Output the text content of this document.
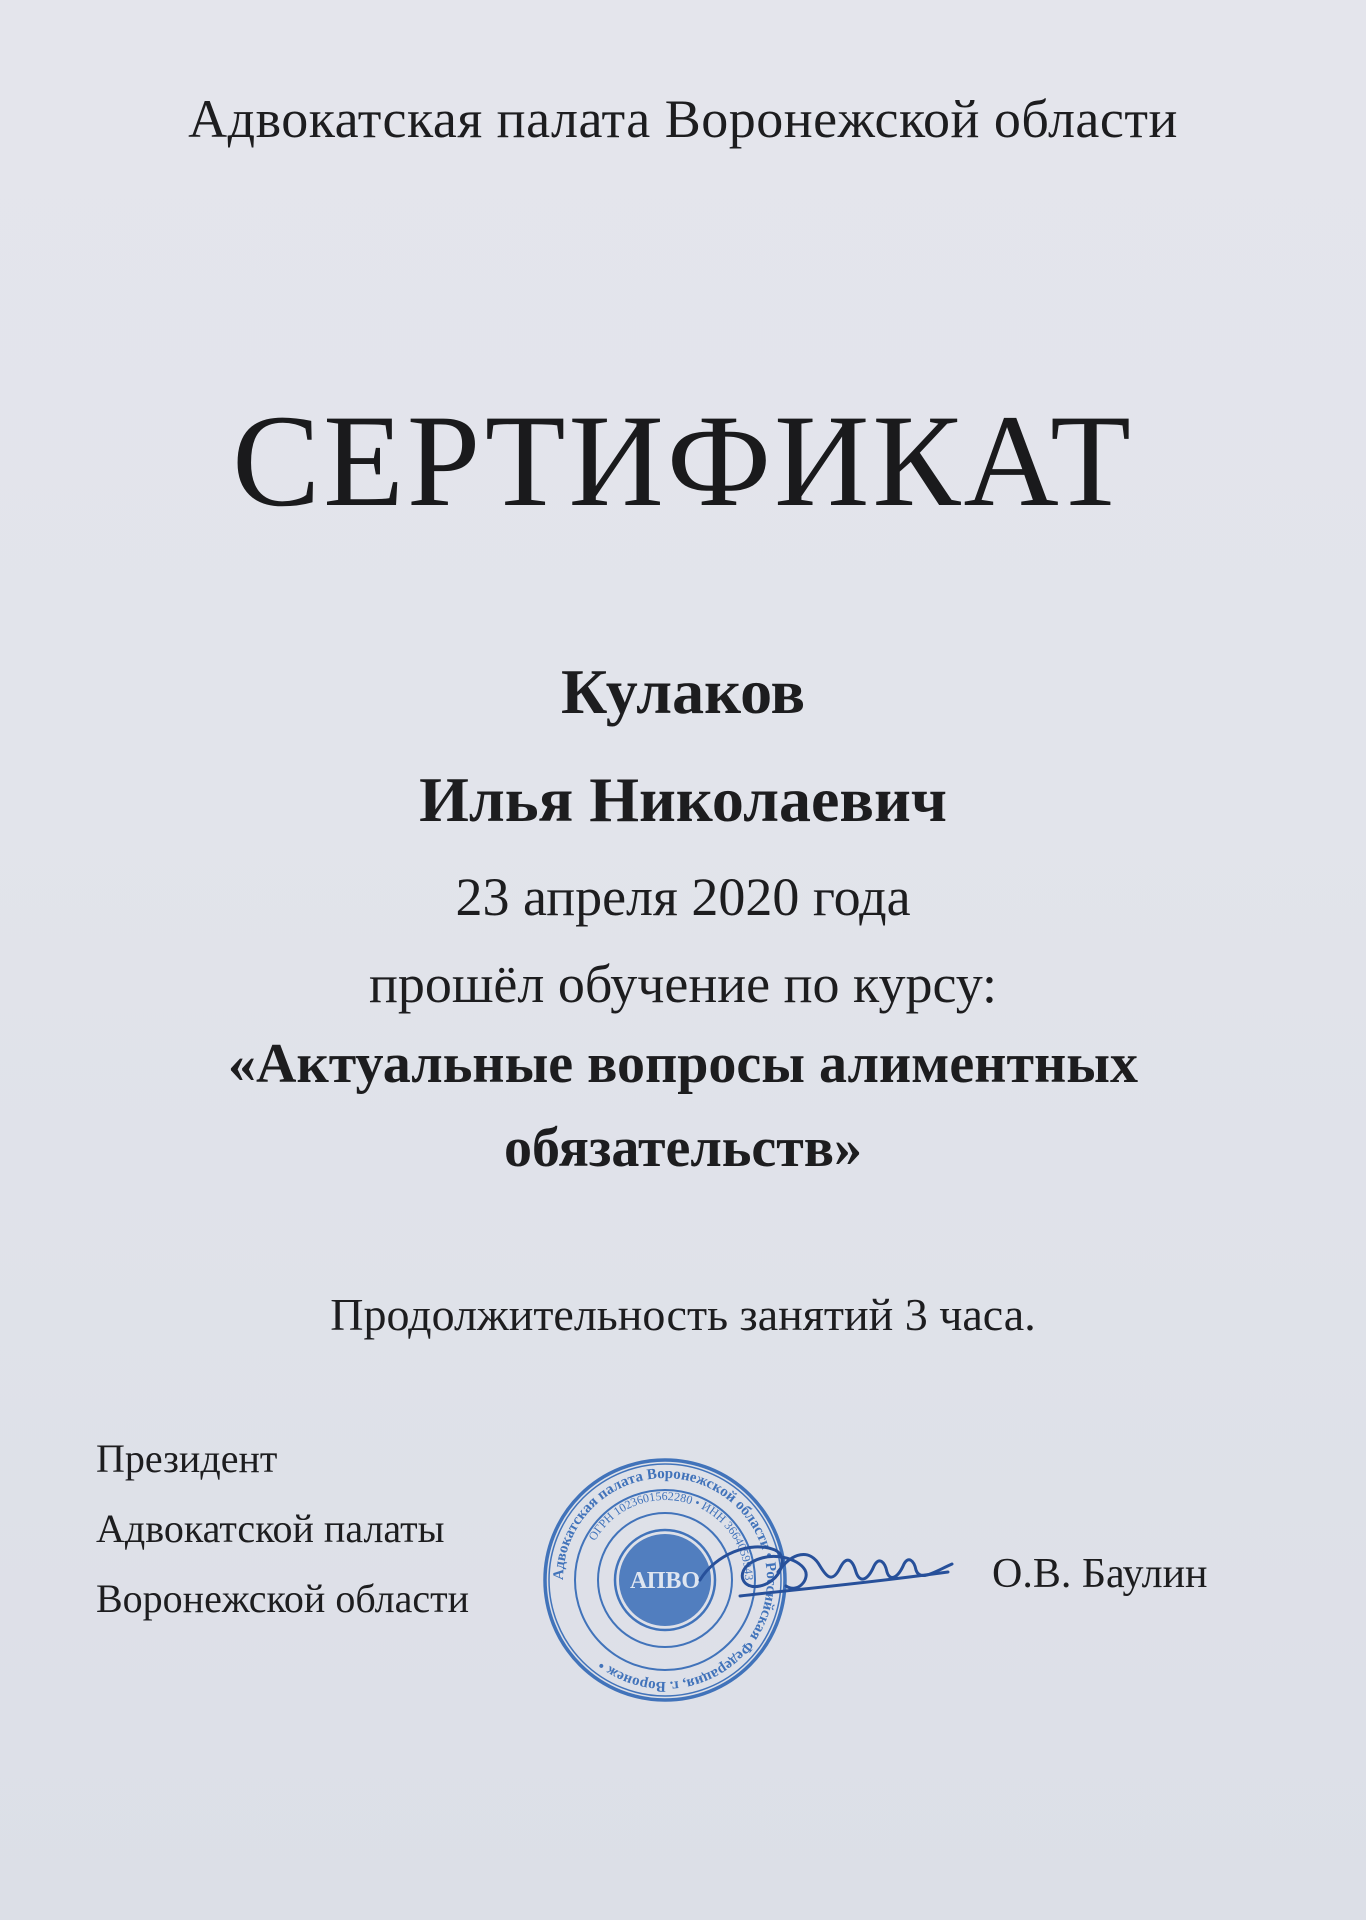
Адвокатская палата Воронежской области
СЕРТИФИКАТ
Кулаков
Илья Николаевич
23 апреля 2020 года
прошёл обучение по курсу:
«Актуальные вопросы алиментных
обязательств»
Продолжительность занятий 3 часа.
Президент
Адвокатской палаты
Воронежской области
Адвокатская палата Воронежской области • Российская Федерация, г. Воронеж •
ОГРН 1023601562280 • ИНН 3664059943 •
АПВО	О.В. Баулин
